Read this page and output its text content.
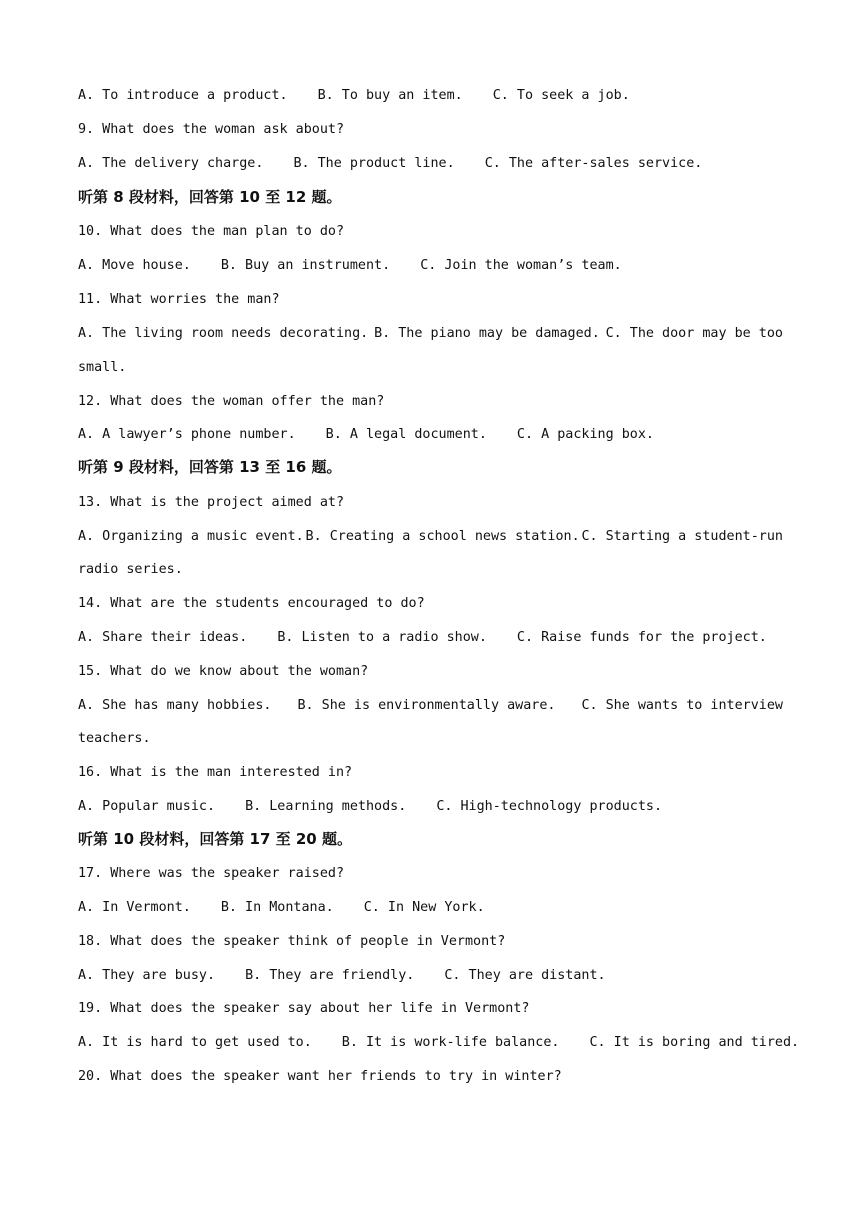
A. To introduce a product. B. To buy an item. C. To seek a job.
9. What does the woman ask about?
A. The delivery charge. B. The product line. C. The after-sales service.
听第 8 段材料，回答第 10 至 12 题。
10. What does the man plan to do?
A. Move house. B. Buy an instrument. C. Join the woman’s team.
11. What worries the man?
A. The living room needs decorating. B. The piano may be damaged. C. The door may be too
small.
12. What does the woman offer the man?
A. A lawyer’s phone number. B. A legal document. C. A packing box.
听第 9 段材料，回答第 13 至 16 题。
13. What is the project aimed at?
A. Organizing a music event. B. Creating a school news station. C. Starting a student-run
radio series.
14. What are the students encouraged to do?
A. Share their ideas. B. Listen to a radio show. C. Raise funds for the project.
15. What do we know about the woman?
A. She has many hobbies. B. She is environmentally aware. C. She wants to interview
teachers.
16. What is the man interested in?
A. Popular music. B. Learning methods. C. High-technology products.
听第 10 段材料，回答第 17 至 20 题。
17. Where was the speaker raised?
A. In Vermont. B. In Montana. C. In New York.
18. What does the speaker think of people in Vermont?
A. They are busy. B. They are friendly. C. They are distant.
19. What does the speaker say about her life in Vermont?
A. It is hard to get used to. B. It is work-life balance. C. It is boring and tired.
20. What does the speaker want her friends to try in winter?
